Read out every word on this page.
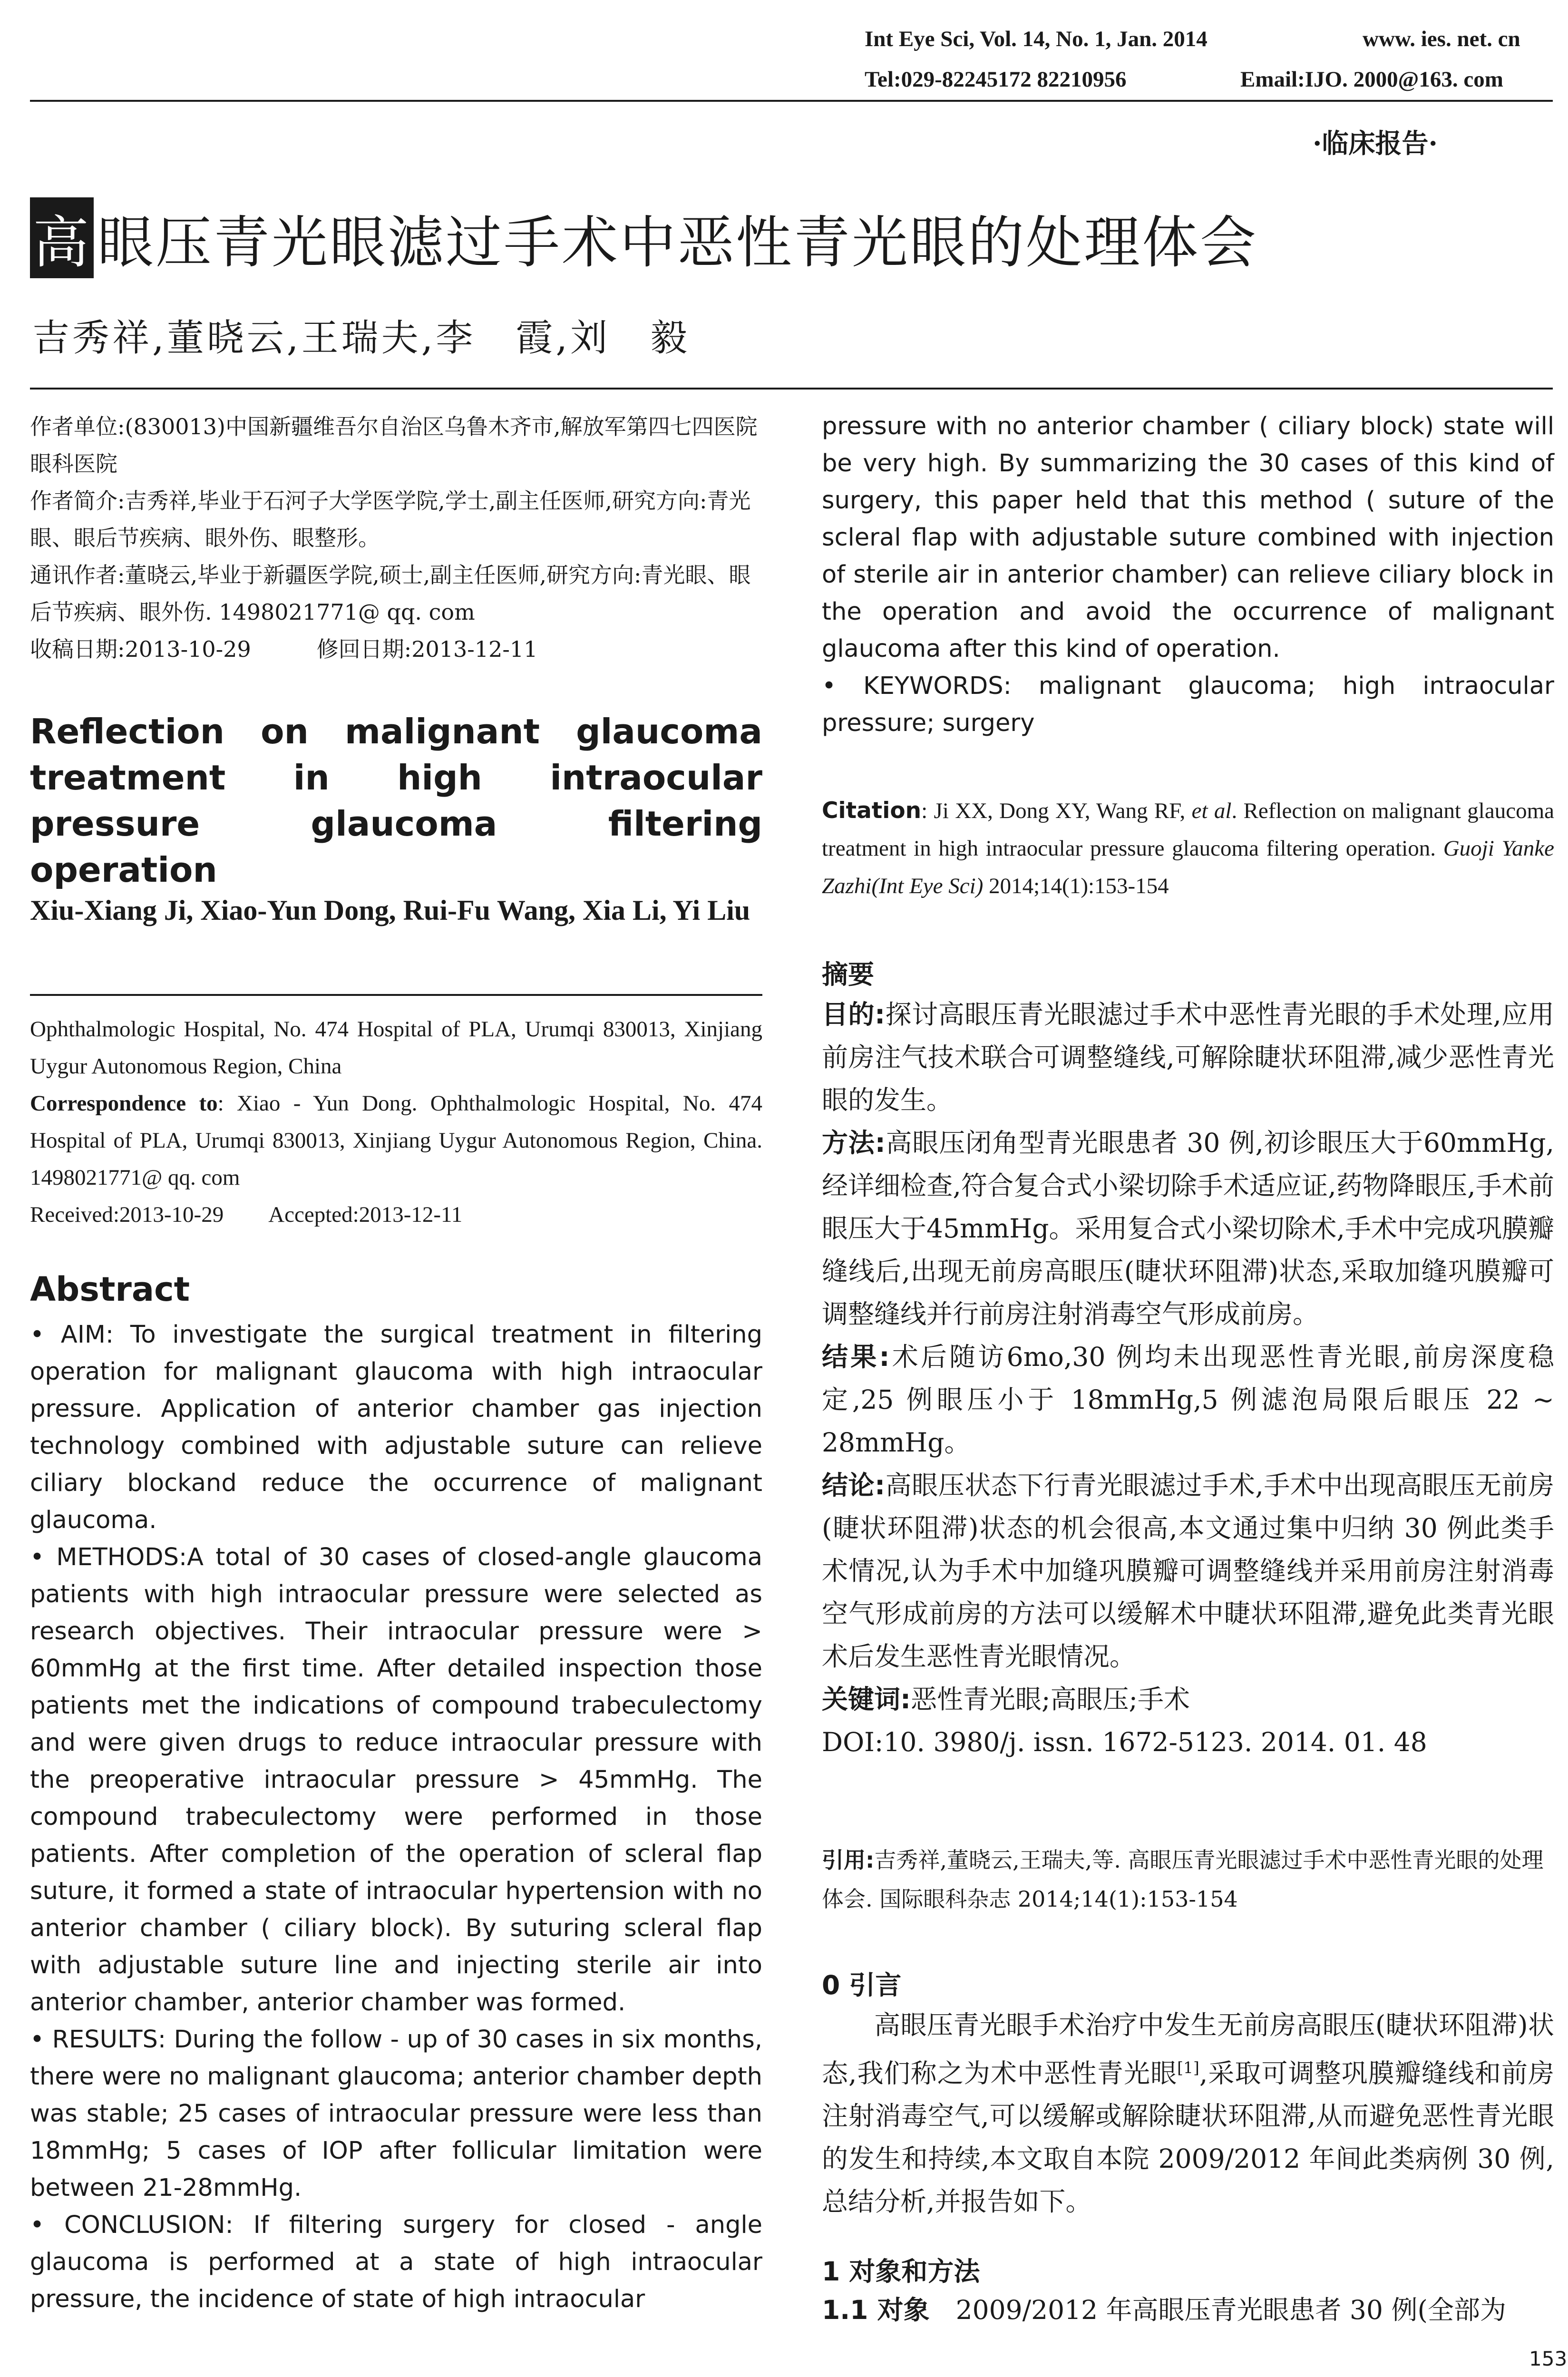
Int Eye Sci, Vol. 14, No. 1, Jan. 2014	www. ies. net. cn
Tel:029-82245172 82210956	Email:IJO. 2000@163. com
·临床报告·
高 眼压青光眼滤过手术中恶性青光眼的处理体会
吉秀祥,董晓云,王瑞夫,李　霞,刘　毅
作者单位:(830013)中国新疆维吾尔自治区乌鲁木齐市,解放军第四七四医院眼科医院
作者简介:吉秀祥,毕业于石河子大学医学院,学士,副主任医师,研究方向:青光眼、眼后节疾病、眼外伤、眼整形。
通讯作者:董晓云,毕业于新疆医学院,硕士,副主任医师,研究方向:青光眼、眼后节疾病、眼外伤. 1498021771@ qq. com
收稿日期:2013-10-29　　　修回日期:2013-12-11
Reflection on malignant glaucoma treatment in high intraocular pressure glaucoma filtering operation
Xiu-Xiang Ji, Xiao-Yun Dong, Rui-Fu Wang, Xia Li, Yi Liu
Ophthalmologic Hospital, No. 474 Hospital of PLA, Urumqi 830013, Xinjiang Uygur Autonomous Region, China
Correspondence to: Xiao - Yun Dong. Ophthalmologic Hospital, No. 474 Hospital of PLA, Urumqi 830013, Xinjiang Uygur Autonomous Region, China. 1498021771@ qq. com
Received:2013-10-29　　Accepted:2013-12-11
Abstract

• AIM: To investigate the surgical treatment in filtering operation for malignant glaucoma with high intraocular pressure. Application of anterior chamber gas injection technology combined with adjustable suture can relieve ciliary blockand reduce the occurrence of malignant glaucoma.

• METHODS:A total of 30 cases of closed-angle glaucoma patients with high intraocular pressure were selected as research objectives. Their intraocular pressure were > 60mmHg at the first time. After detailed inspection those patients met the indications of compound trabeculectomy and were given drugs to reduce intraocular pressure with the preoperative intraocular pressure > 45mmHg. The compound trabeculectomy were performed in those patients. After completion of the operation of scleral flap suture, it formed a state of intraocular hypertension with no anterior chamber ( ciliary block). By suturing scleral flap with adjustable suture line and injecting sterile air into anterior chamber, anterior chamber was formed.

• RESULTS: During the follow - up of 30 cases in six months, there were no malignant glaucoma; anterior chamber depth was stable; 25 cases of intraocular pressure were less than 18mmHg; 5 cases of IOP after follicular limitation were between 21-28mmHg.

• CONCLUSION: If filtering surgery for closed - angle glaucoma is performed at a state of high intraocular pressure, the incidence of state of high intraocular

pressure with no anterior chamber ( ciliary block) state will be very high. By summarizing the 30 cases of this kind of surgery, this paper held that this method ( suture of the scleral flap with adjustable suture combined with injection of sterile air in anterior chamber) can relieve ciliary block in the operation and avoid the occurrence of malignant glaucoma after this kind of operation.

• KEYWORDS: malignant glaucoma; high intraocular pressure; surgery

Citation: Ji XX, Dong XY, Wang RF, et al. Reflection on malignant glaucoma treatment in high intraocular pressure glaucoma filtering operation. Guoji Yanke Zazhi(Int Eye Sci) 2014;14(1):153-154
摘要

目的:探讨高眼压青光眼滤过手术中恶性青光眼的手术处理,应用前房注气技术联合可调整缝线,可解除睫状环阻滞,减少恶性青光眼的发生。

方法:高眼压闭角型青光眼患者 30 例,初诊眼压大于60mmHg,经详细检查,符合复合式小梁切除手术适应证,药物降眼压,手术前眼压大于45mmHg。采用复合式小梁切除术,手术中完成巩膜瓣缝线后,出现无前房高眼压(睫状环阻滞)状态,采取加缝巩膜瓣可调整缝线并行前房注射消毒空气形成前房。

结果:术后随访6mo,30 例均未出现恶性青光眼,前房深度稳定,25 例眼压小于 18mmHg,5 例滤泡局限后眼压 22 ~ 28mmHg。

结论:高眼压状态下行青光眼滤过手术,手术中出现高眼压无前房(睫状环阻滞)状态的机会很高,本文通过集中归纳 30 例此类手术情况,认为手术中加缝巩膜瓣可调整缝线并采用前房注射消毒空气形成前房的方法可以缓解术中睫状环阻滞,避免此类青光眼术后发生恶性青光眼情况。

关键词:恶性青光眼;高眼压;手术

DOI:10. 3980/j. issn. 1672-5123. 2014. 01. 48

引用:吉秀祥,董晓云,王瑞夫,等. 高眼压青光眼滤过手术中恶性青光眼的处理体会. 国际眼科杂志 2014;14(1):153-154
0 引言

高眼压青光眼手术治疗中发生无前房高眼压(睫状环阻滞)状态,我们称之为术中恶性青光眼[1],采取可调整巩膜瓣缝线和前房注射消毒空气,可以缓解或解除睫状环阻滞,从而避免恶性青光眼的发生和持续,本文取自本院 2009/2012 年间此类病例 30 例,总结分析,并报告如下。

1 对象和方法
1.1 对象　2009/2012 年高眼压青光眼患者 30 例(全部为
153
